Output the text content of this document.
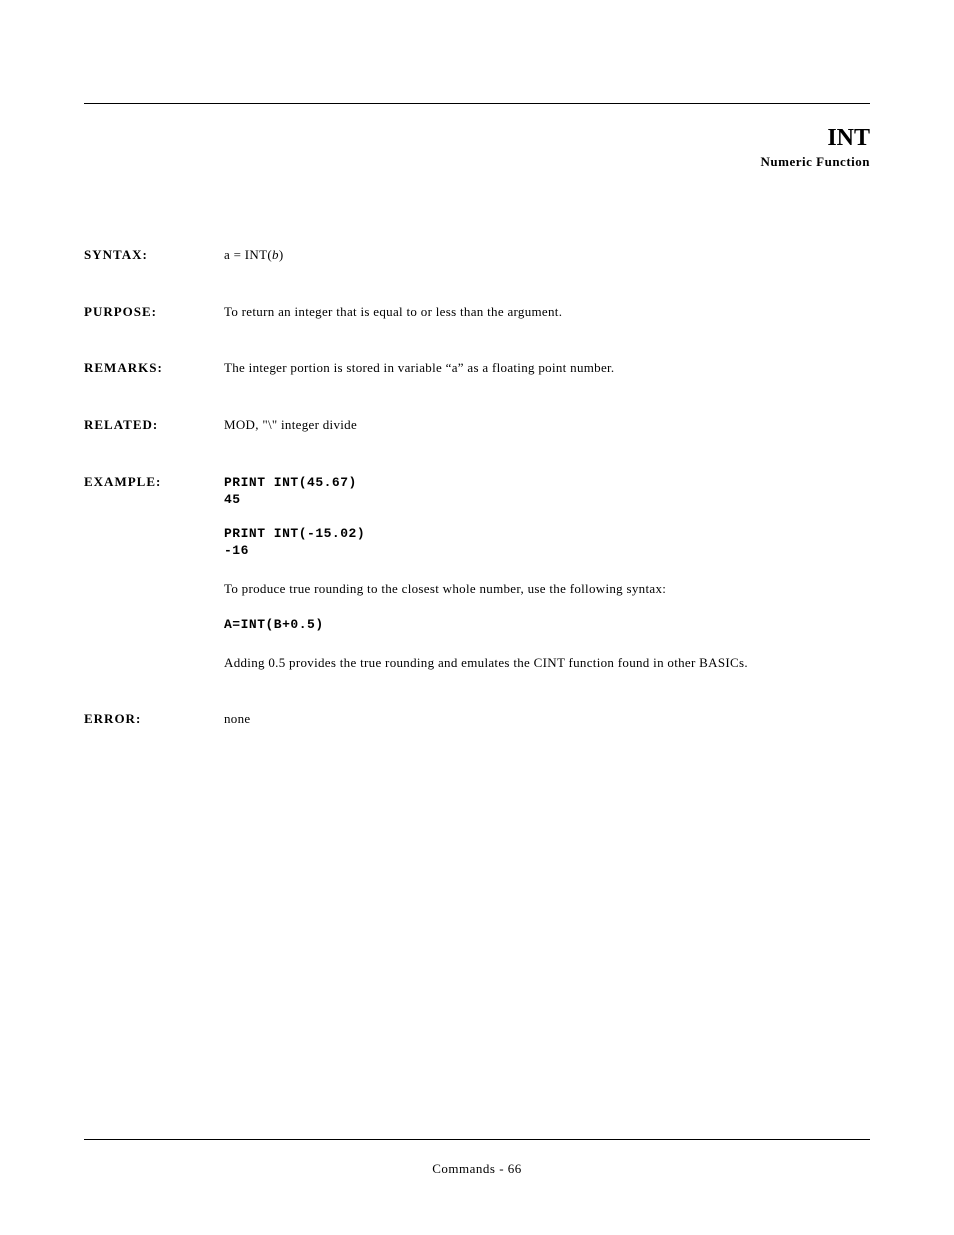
INT
Numeric Function
SYNTAX:	a = INT(b)
PURPOSE:	To return an integer that is equal to or less than the argument.
REMARKS:	The integer portion is stored in variable “a” as a floating point number.
RELATED:	MOD, "\" integer divide
EXAMPLE:	PRINT INT(45.67)
45
PRINT INT(-15.02)
-16
To produce true rounding to the closest whole number, use the following syntax:
A=INT(B+0.5)
Adding 0.5 provides the true rounding and emulates the CINT function found in other BASICs.
ERROR:	none
Commands - 66
